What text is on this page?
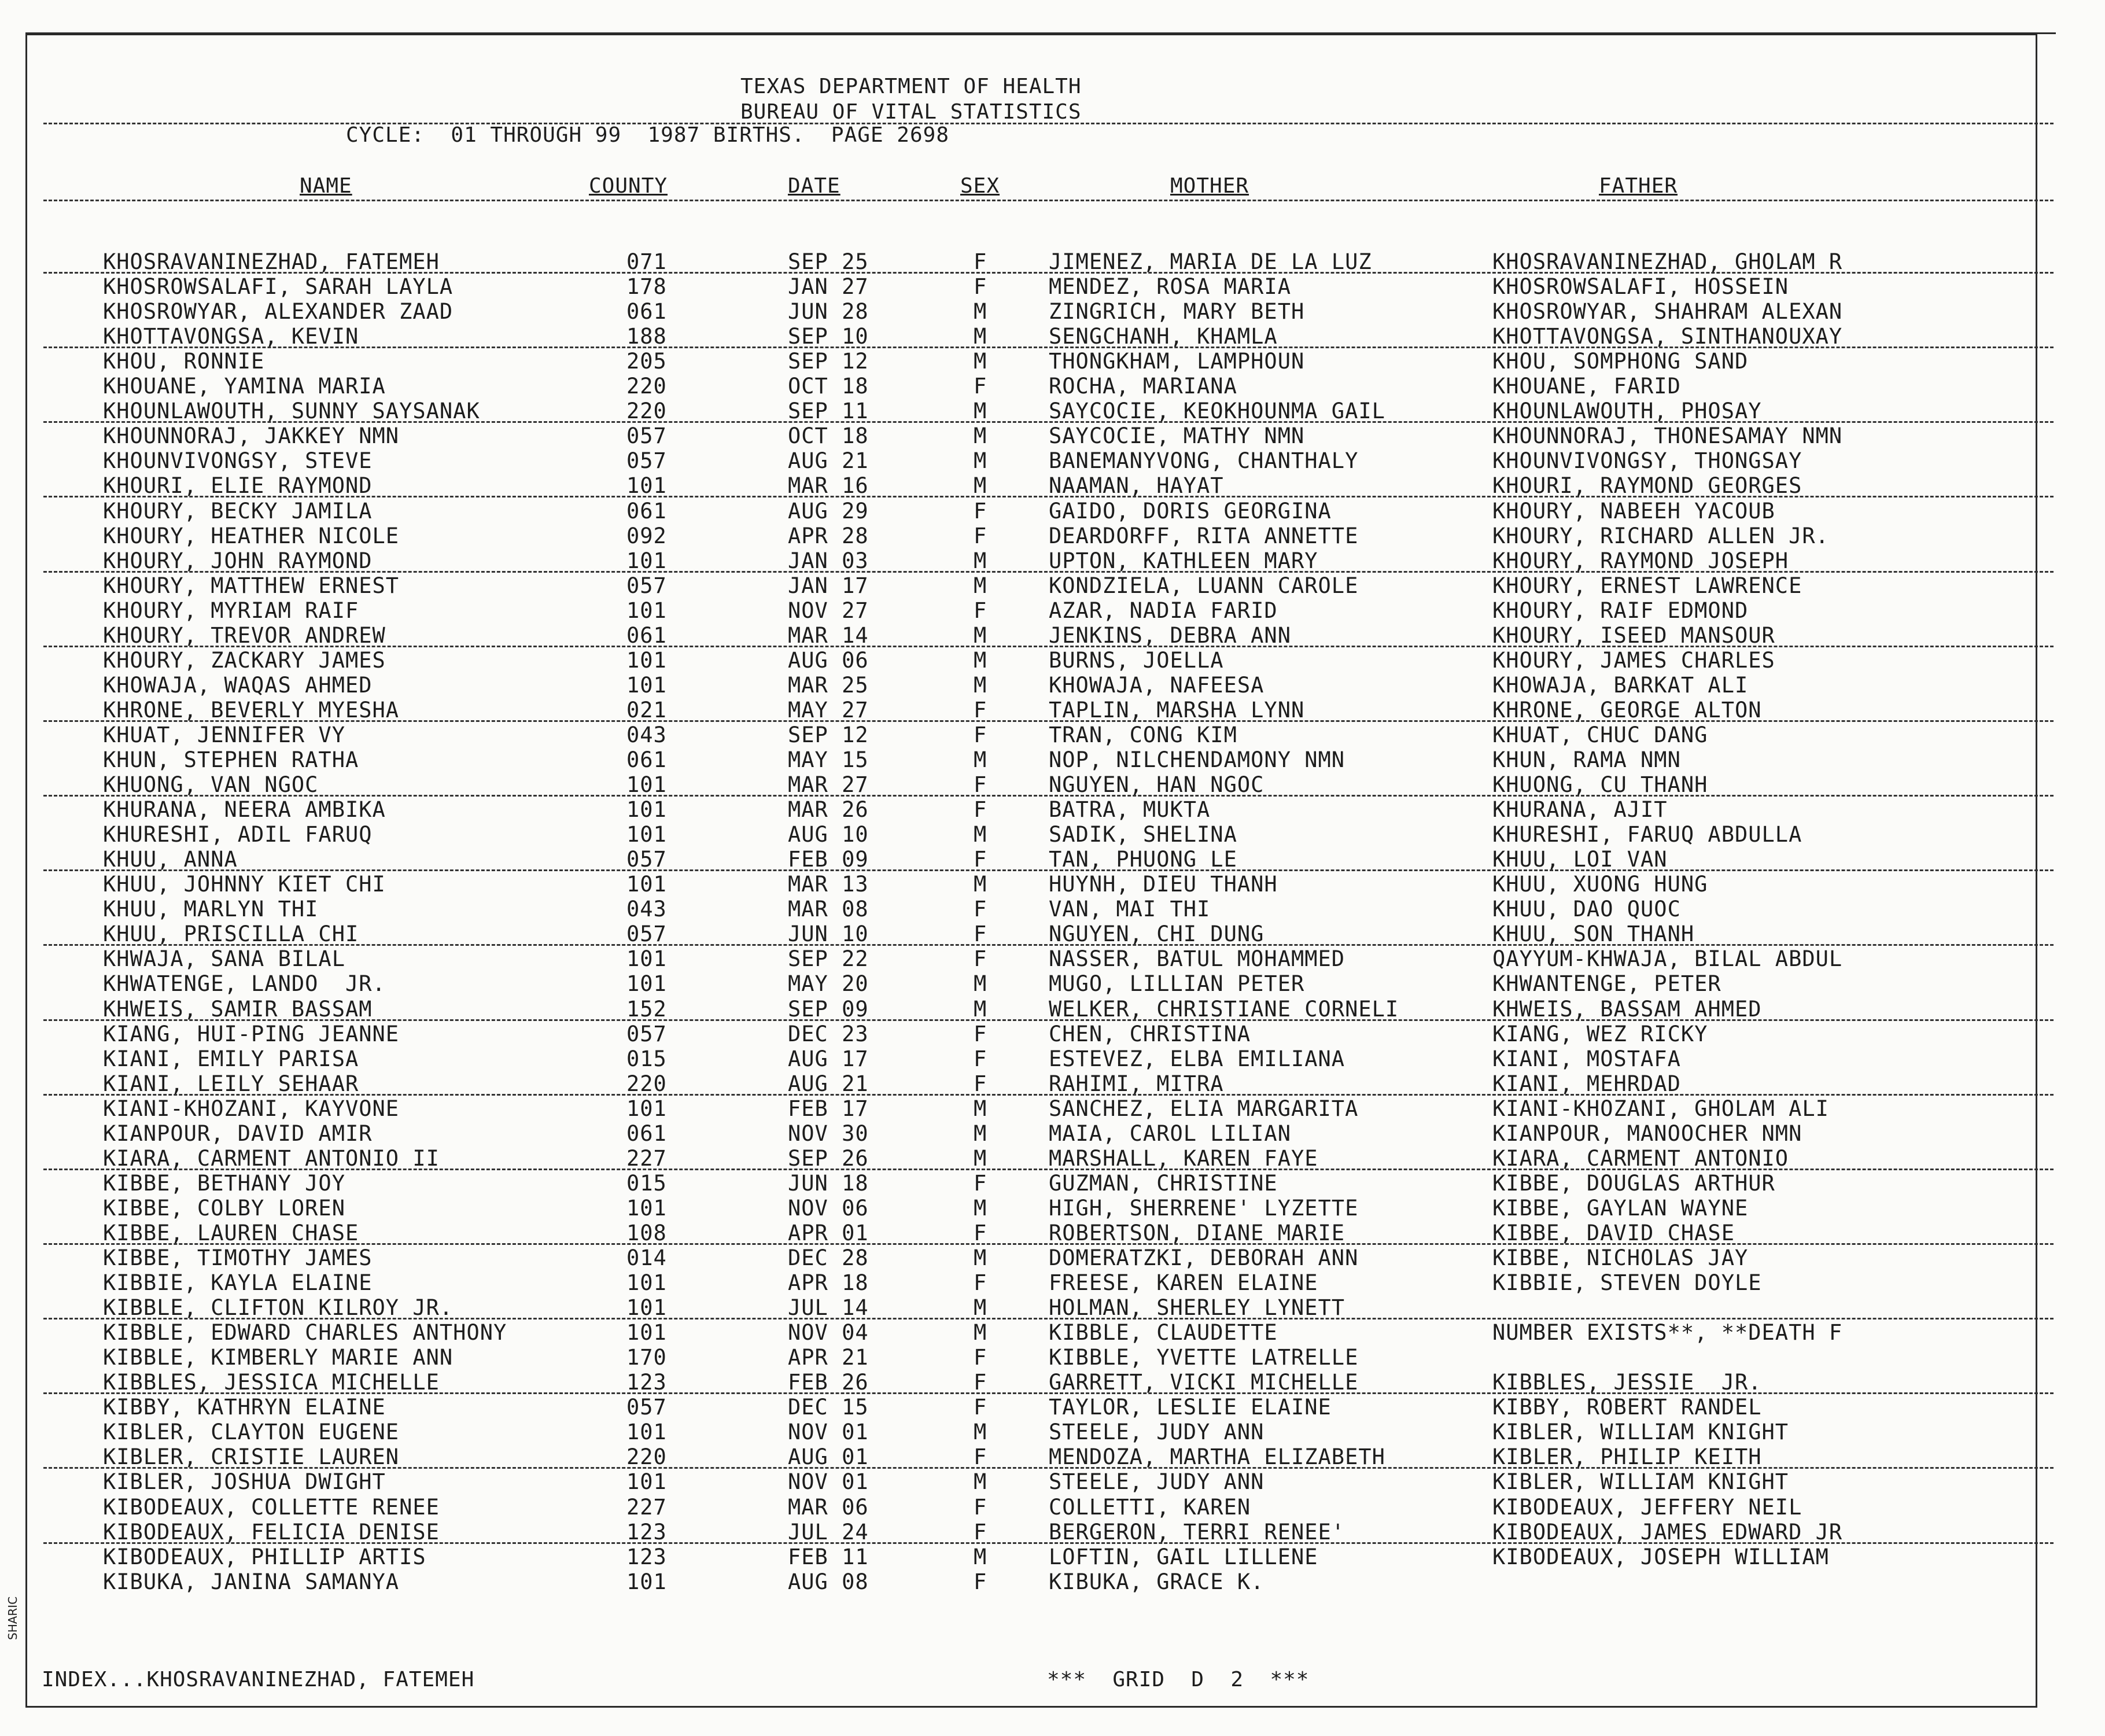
TEXAS DEPARTMENT OF HEALTH
BUREAU OF VITAL STATISTICS
CYCLE:  01 THROUGH 99  1987 BIRTHS.  PAGE 2698
NAME	COUNTY	DATE	SEX	MOTHER	FATHER
KHOSRAVANINEZHAD, FATEMEH	071	SEP 25	F	JIMENEZ, MARIA DE LA LUZ	KHOSRAVANINEZHAD, GHOLAM R
KHOSROWSALAFI, SARAH LAYLA	178	JAN 27	F	MENDEZ, ROSA MARIA	KHOSROWSALAFI, HOSSEIN
KHOSROWYAR, ALEXANDER ZAAD	061	JUN 28	M	ZINGRICH, MARY BETH	KHOSROWYAR, SHAHRAM ALEXAN
KHOTTAVONGSA, KEVIN	188	SEP 10	M	SENGCHANH, KHAMLA	KHOTTAVONGSA, SINTHANOUXAY
KHOU, RONNIE	205	SEP 12	M	THONGKHAM, LAMPHOUN	KHOU, SOMPHONG SAND
KHOUANE, YAMINA MARIA	220	OCT 18	F	ROCHA, MARIANA	KHOUANE, FARID
KHOUNLAWOUTH, SUNNY SAYSANAK	220	SEP 11	M	SAYCOCIE, KEOKHOUNMA GAIL	KHOUNLAWOUTH, PHOSAY
KHOUNNORAJ, JAKKEY NMN	057	OCT 18	M	SAYCOCIE, MATHY NMN	KHOUNNORAJ, THONESAMAY NMN
KHOUNVIVONGSY, STEVE	057	AUG 21	M	BANEMANYVONG, CHANTHALY	KHOUNVIVONGSY, THONGSAY
KHOURI, ELIE RAYMOND	101	MAR 16	M	NAAMAN, HAYAT	KHOURI, RAYMOND GEORGES
KHOURY, BECKY JAMILA	061	AUG 29	F	GAIDO, DORIS GEORGINA	KHOURY, NABEEH YACOUB
KHOURY, HEATHER NICOLE	092	APR 28	F	DEARDORFF, RITA ANNETTE	KHOURY, RICHARD ALLEN JR.
KHOURY, JOHN RAYMOND	101	JAN 03	M	UPTON, KATHLEEN MARY	KHOURY, RAYMOND JOSEPH
KHOURY, MATTHEW ERNEST	057	JAN 17	M	KONDZIELA, LUANN CAROLE	KHOURY, ERNEST LAWRENCE
KHOURY, MYRIAM RAIF	101	NOV 27	F	AZAR, NADIA FARID	KHOURY, RAIF EDMOND
KHOURY, TREVOR ANDREW	061	MAR 14	M	JENKINS, DEBRA ANN	KHOURY, ISEED MANSOUR
KHOURY, ZACKARY JAMES	101	AUG 06	M	BURNS, JOELLA	KHOURY, JAMES CHARLES
KHOWAJA, WAQAS AHMED	101	MAR 25	M	KHOWAJA, NAFEESA	KHOWAJA, BARKAT ALI
KHRONE, BEVERLY MYESHA	021	MAY 27	F	TAPLIN, MARSHA LYNN	KHRONE, GEORGE ALTON
KHUAT, JENNIFER VY	043	SEP 12	F	TRAN, CONG KIM	KHUAT, CHUC DANG
KHUN, STEPHEN RATHA	061	MAY 15	M	NOP, NILCHENDAMONY NMN	KHUN, RAMA NMN
KHUONG, VAN NGOC	101	MAR 27	F	NGUYEN, HAN NGOC	KHUONG, CU THANH
KHURANA, NEERA AMBIKA	101	MAR 26	F	BATRA, MUKTA	KHURANA, AJIT
KHURESHI, ADIL FARUQ	101	AUG 10	M	SADIK, SHELINA	KHURESHI, FARUQ ABDULLA
KHUU, ANNA	057	FEB 09	F	TAN, PHUONG LE	KHUU, LOI VAN
KHUU, JOHNNY KIET CHI	101	MAR 13	M	HUYNH, DIEU THANH	KHUU, XUONG HUNG
KHUU, MARLYN THI	043	MAR 08	F	VAN, MAI THI	KHUU, DAO QUOC
KHUU, PRISCILLA CHI	057	JUN 10	F	NGUYEN, CHI DUNG	KHUU, SON THANH
KHWAJA, SANA BILAL	101	SEP 22	F	NASSER, BATUL MOHAMMED	QAYYUM-KHWAJA, BILAL ABDUL
KHWATENGE, LANDO  JR.	101	MAY 20	M	MUGO, LILLIAN PETER	KHWANTENGE, PETER
KHWEIS, SAMIR BASSAM	152	SEP 09	M	WELKER, CHRISTIANE CORNELI	KHWEIS, BASSAM AHMED
KIANG, HUI-PING JEANNE	057	DEC 23	F	CHEN, CHRISTINA	KIANG, WEZ RICKY
KIANI, EMILY PARISA	015	AUG 17	F	ESTEVEZ, ELBA EMILIANA	KIANI, MOSTAFA
KIANI, LEILY SEHAAR	220	AUG 21	F	RAHIMI, MITRA	KIANI, MEHRDAD
KIANI-KHOZANI, KAYVONE	101	FEB 17	M	SANCHEZ, ELIA MARGARITA	KIANI-KHOZANI, GHOLAM ALI
KIANPOUR, DAVID AMIR	061	NOV 30	M	MAIA, CAROL LILIAN	KIANPOUR, MANOOCHER NMN
KIARA, CARMENT ANTONIO II	227	SEP 26	M	MARSHALL, KAREN FAYE	KIARA, CARMENT ANTONIO
KIBBE, BETHANY JOY	015	JUN 18	F	GUZMAN, CHRISTINE	KIBBE, DOUGLAS ARTHUR
KIBBE, COLBY LOREN	101	NOV 06	M	HIGH, SHERRENE' LYZETTE	KIBBE, GAYLAN WAYNE
KIBBE, LAUREN CHASE	108	APR 01	F	ROBERTSON, DIANE MARIE	KIBBE, DAVID CHASE
KIBBE, TIMOTHY JAMES	014	DEC 28	M	DOMERATZKI, DEBORAH ANN	KIBBE, NICHOLAS JAY
KIBBIE, KAYLA ELAINE	101	APR 18	F	FREESE, KAREN ELAINE	KIBBIE, STEVEN DOYLE
KIBBLE, CLIFTON KILROY JR.	101	JUL 14	M	HOLMAN, SHERLEY LYNETT
KIBBLE, EDWARD CHARLES ANTHONY	101	NOV 04	M	KIBBLE, CLAUDETTE	NUMBER EXISTS**, **DEATH F
KIBBLE, KIMBERLY MARIE ANN	170	APR 21	F	KIBBLE, YVETTE LATRELLE
KIBBLES, JESSICA MICHELLE	123	FEB 26	F	GARRETT, VICKI MICHELLE	KIBBLES, JESSIE  JR.
KIBBY, KATHRYN ELAINE	057	DEC 15	F	TAYLOR, LESLIE ELAINE	KIBBY, ROBERT RANDEL
KIBLER, CLAYTON EUGENE	101	NOV 01	M	STEELE, JUDY ANN	KIBLER, WILLIAM KNIGHT
KIBLER, CRISTIE LAUREN	220	AUG 01	F	MENDOZA, MARTHA ELIZABETH	KIBLER, PHILIP KEITH
KIBLER, JOSHUA DWIGHT	101	NOV 01	M	STEELE, JUDY ANN	KIBLER, WILLIAM KNIGHT
KIBODEAUX, COLLETTE RENEE	227	MAR 06	F	COLLETTI, KAREN	KIBODEAUX, JEFFERY NEIL
KIBODEAUX, FELICIA DENISE	123	JUL 24	F	BERGERON, TERRI RENEE'	KIBODEAUX, JAMES EDWARD JR
KIBODEAUX, PHILLIP ARTIS	123	FEB 11	M	LOFTIN, GAIL LILLENE	KIBODEAUX, JOSEPH WILLIAM
KIBUKA, JANINA SAMANYA	101	AUG 08	F	KIBUKA, GRACE K.
INDEX...KHOSRAVANINEZHAD, FATEMEH	***  GRID  D  2  ***
SHARIC
